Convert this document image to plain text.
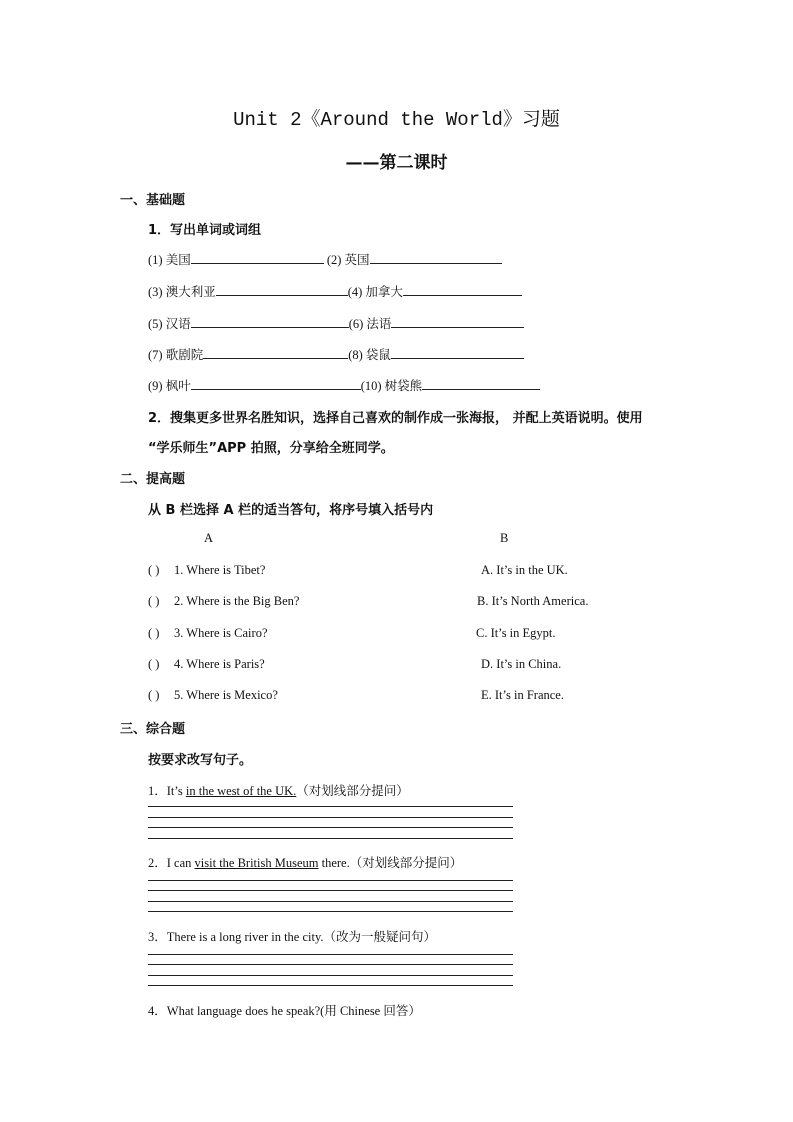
Unit 2《Around the World》习题
——第二课时
一、基础题
1．写出单词或词组
(1) 美国	(2) 英国
(3) 澳大利亚	(4) 加拿大
(5) 汉语	(6) 法语
(7) 歌剧院	(8) 袋鼠
(9) 枫叶	(10) 树袋熊
2．搜集更多世界名胜知识，选择自己喜欢的制作成一张海报， 并配上英语说明。使用
“学乐师生”APP 拍照，分享给全班同学。
二、提高题
从 B 栏选择 A 栏的适当答句，将序号填入括号内
A	B
( ) 1. Where is Tibet?	A. It’s in the UK.
( ) 2. Where is the Big Ben?	B. It’s North America.
( ) 3. Where is Cairo?	C. It’s in Egypt.
( ) 4. Where is Paris?	D. It’s in China.
( ) 5. Where is Mexico?	E. It’s in France.
三、综合题
按要求改写句子。
1．It’s in the west of the UK.（对划线部分提问）
2．I can visit the British Museum there.（对划线部分提问）
3．There is a long river in the city.（改为一般疑问句）
4．What language does he speak?(用 Chinese 回答）
